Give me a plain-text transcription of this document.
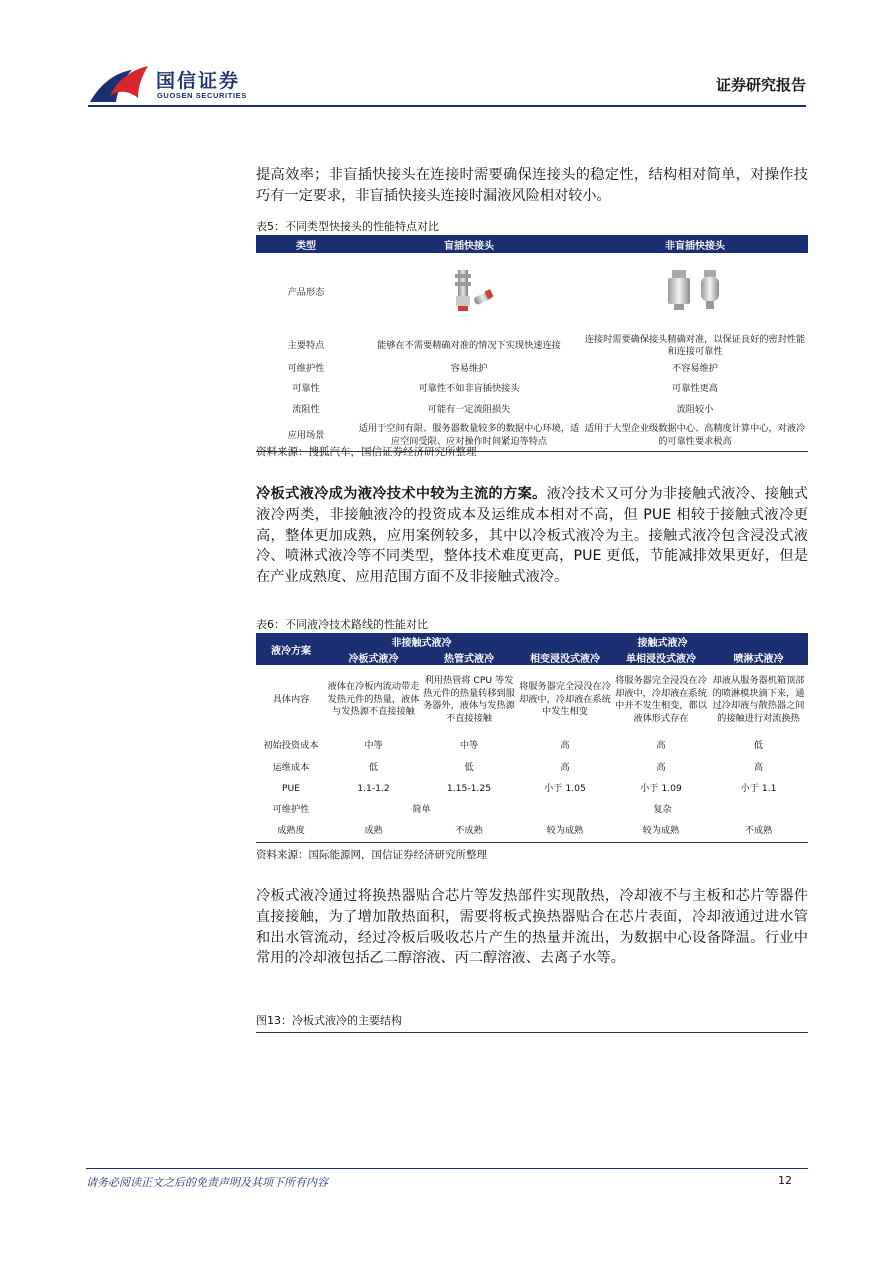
国信证券
GUOSEN SECURITIES
证券研究报告

提高效率；非盲插快接头在连接时需要确保连接头的稳定性，结构相对简单，对操作技巧有一定要求，非盲插快接头连接时漏液风险相对较小。

表5：不同类型快接头的性能特点对比
类型	盲插快接头	非盲插快接头
产品形态		
主要特点	能够在不需要精确对准的情况下实现快速连接	连接时需要确保接头精确对准，以保证良好的密封性能和连接可靠性
可维护性	容易维护	不容易维护
可靠性	可靠性不如非盲插快接头	可靠性更高
流阻性	可能有一定流阻损失	流阻较小
应用场景	适用于空间有限、服务器数量较多的数据中心环境，适应空间受限、应对操作时间紧迫等特点	适用于大型企业级数据中心、高精度计算中心，对液冷的可靠性要求极高
资料来源：搜狐汽车，国信证券经济研究所整理

冷板式液冷成为液冷技术中较为主流的方案。液冷技术又可分为非接触式液冷、接触式液冷两类，非接触液冷的投资成本及运维成本相对不高，但 PUE 相较于接触式液冷更高，整体更加成熟，应用案例较多，其中以冷板式液冷为主。接触式液冷包含浸没式液冷、喷淋式液冷等不同类型，整体技术难度更高，PUE 更低，节能减排效果更好，但是在产业成熟度、应用范围方面不及非接触式液冷。

表6：不同液冷技术路线的性能对比
液冷方案	非接触式液冷		接触式液冷		
	冷板式液冷	热管式液冷	相变浸没式液冷	单相浸没式液冷	喷淋式液冷
具体内容	液体在冷板内流动带走发热元件的热量，液体与发热源不直接接触	利用热管将 CPU 等发热元件的热量转移到服务器外，液体与发热源不直接接触	将服务器完全浸没在冷却液中，冷却液在系统中发生相变	将服务器完全浸没在冷却液中，冷却液在系统中并不发生相变，都以液体形式存在	却液从服务器机箱顶部的喷淋模块滴下来，通过冷却液与散热器之间的接触进行对流换热
初始投资成本	中等	中等	高	高	低
运维成本	低	低	高	高	高
PUE	1.1-1.2	1.15-1.25	小于 1.05	小于 1.09	小于 1.1
可维护性	简单		复杂		
成熟度	成熟	不成熟	较为成熟	较为成熟	不成熟
资料来源：国际能源网，国信证券经济研究所整理

冷板式液冷通过将换热器贴合芯片等发热部件实现散热，冷却液不与主板和芯片等器件直接接触，为了增加散热面积，需要将板式换热器贴合在芯片表面，冷却液通过进水管和出水管流动，经过冷板后吸收芯片产生的热量并流出，为数据中心设备降温。行业中常用的冷却液包括乙二醇溶液、丙二醇溶液、去离子水等。

图13：冷板式液冷的主要结构
请务必阅读正文之后的免责声明及其项下所有内容	12
